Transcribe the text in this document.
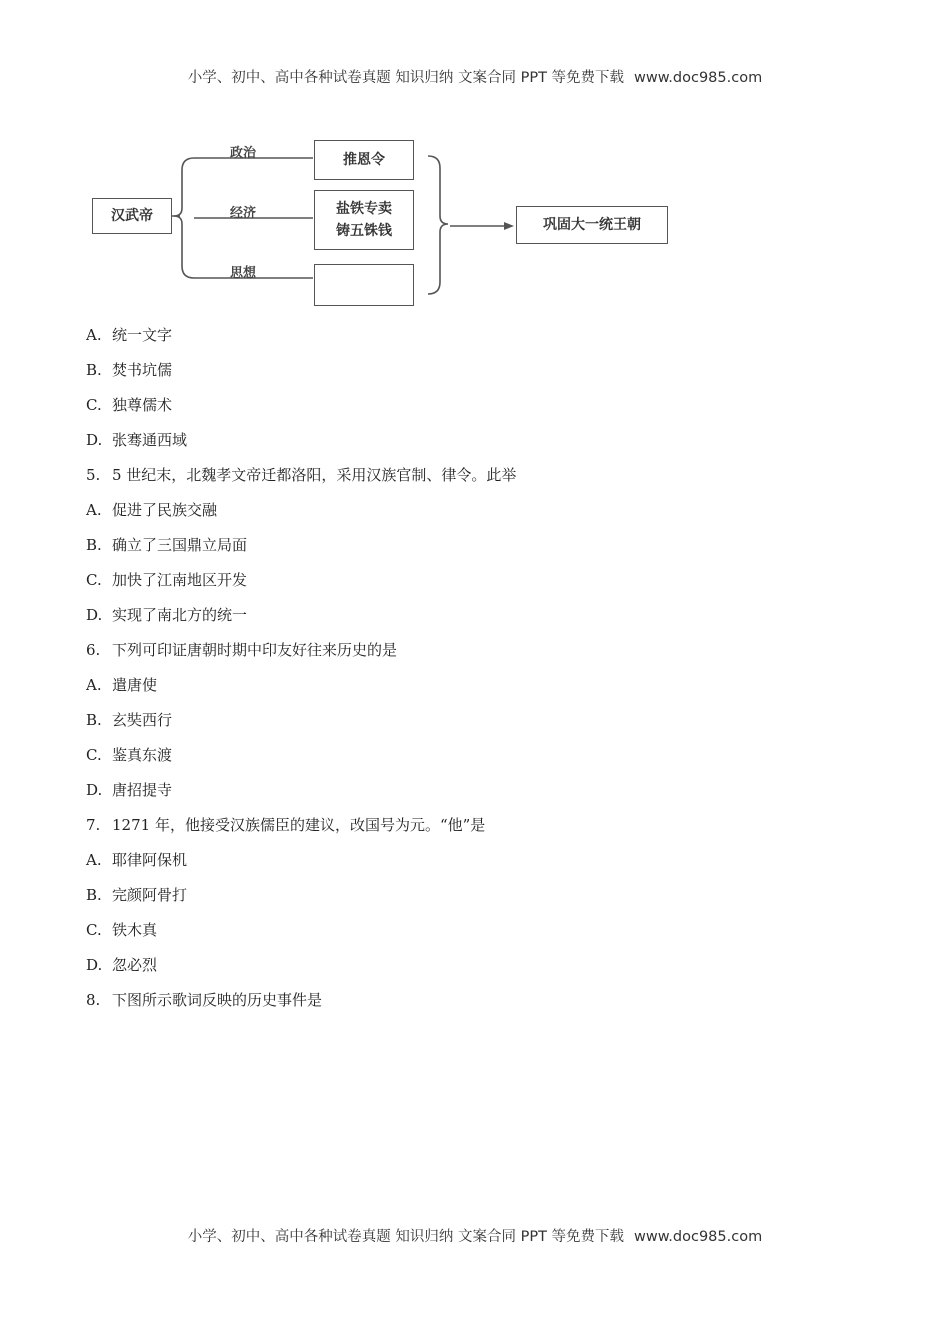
小学、初中、高中各种试卷真题 知识归纳 文案合同 PPT 等免费下载 www.doc985.com
汉武帝
政治
经济
思想
推恩令
盐铁专卖
铸五铢钱	巩固大一统王朝
A. 统一文字
B. 焚书坑儒
C. 独尊儒术
D. 张骞通西域
5. 5 世纪末，北魏孝文帝迁都洛阳，采用汉族官制、律令。此举
A. 促进了民族交融
B. 确立了三国鼎立局面
C. 加快了江南地区开发
D. 实现了南北方的统一
6. 下列可印证唐朝时期中印友好往来历史的是
A. 遣唐使
B. 玄奘西行
C. 鉴真东渡
D. 唐招提寺
7. 1271 年，他接受汉族儒臣的建议，改国号为元。“他”是
A. 耶律阿保机
B. 完颜阿骨打
C. 铁木真
D. 忽必烈
8. 下图所示歌词反映的历史事件是
小学、初中、高中各种试卷真题 知识归纳 文案合同 PPT 等免费下载 www.doc985.com
